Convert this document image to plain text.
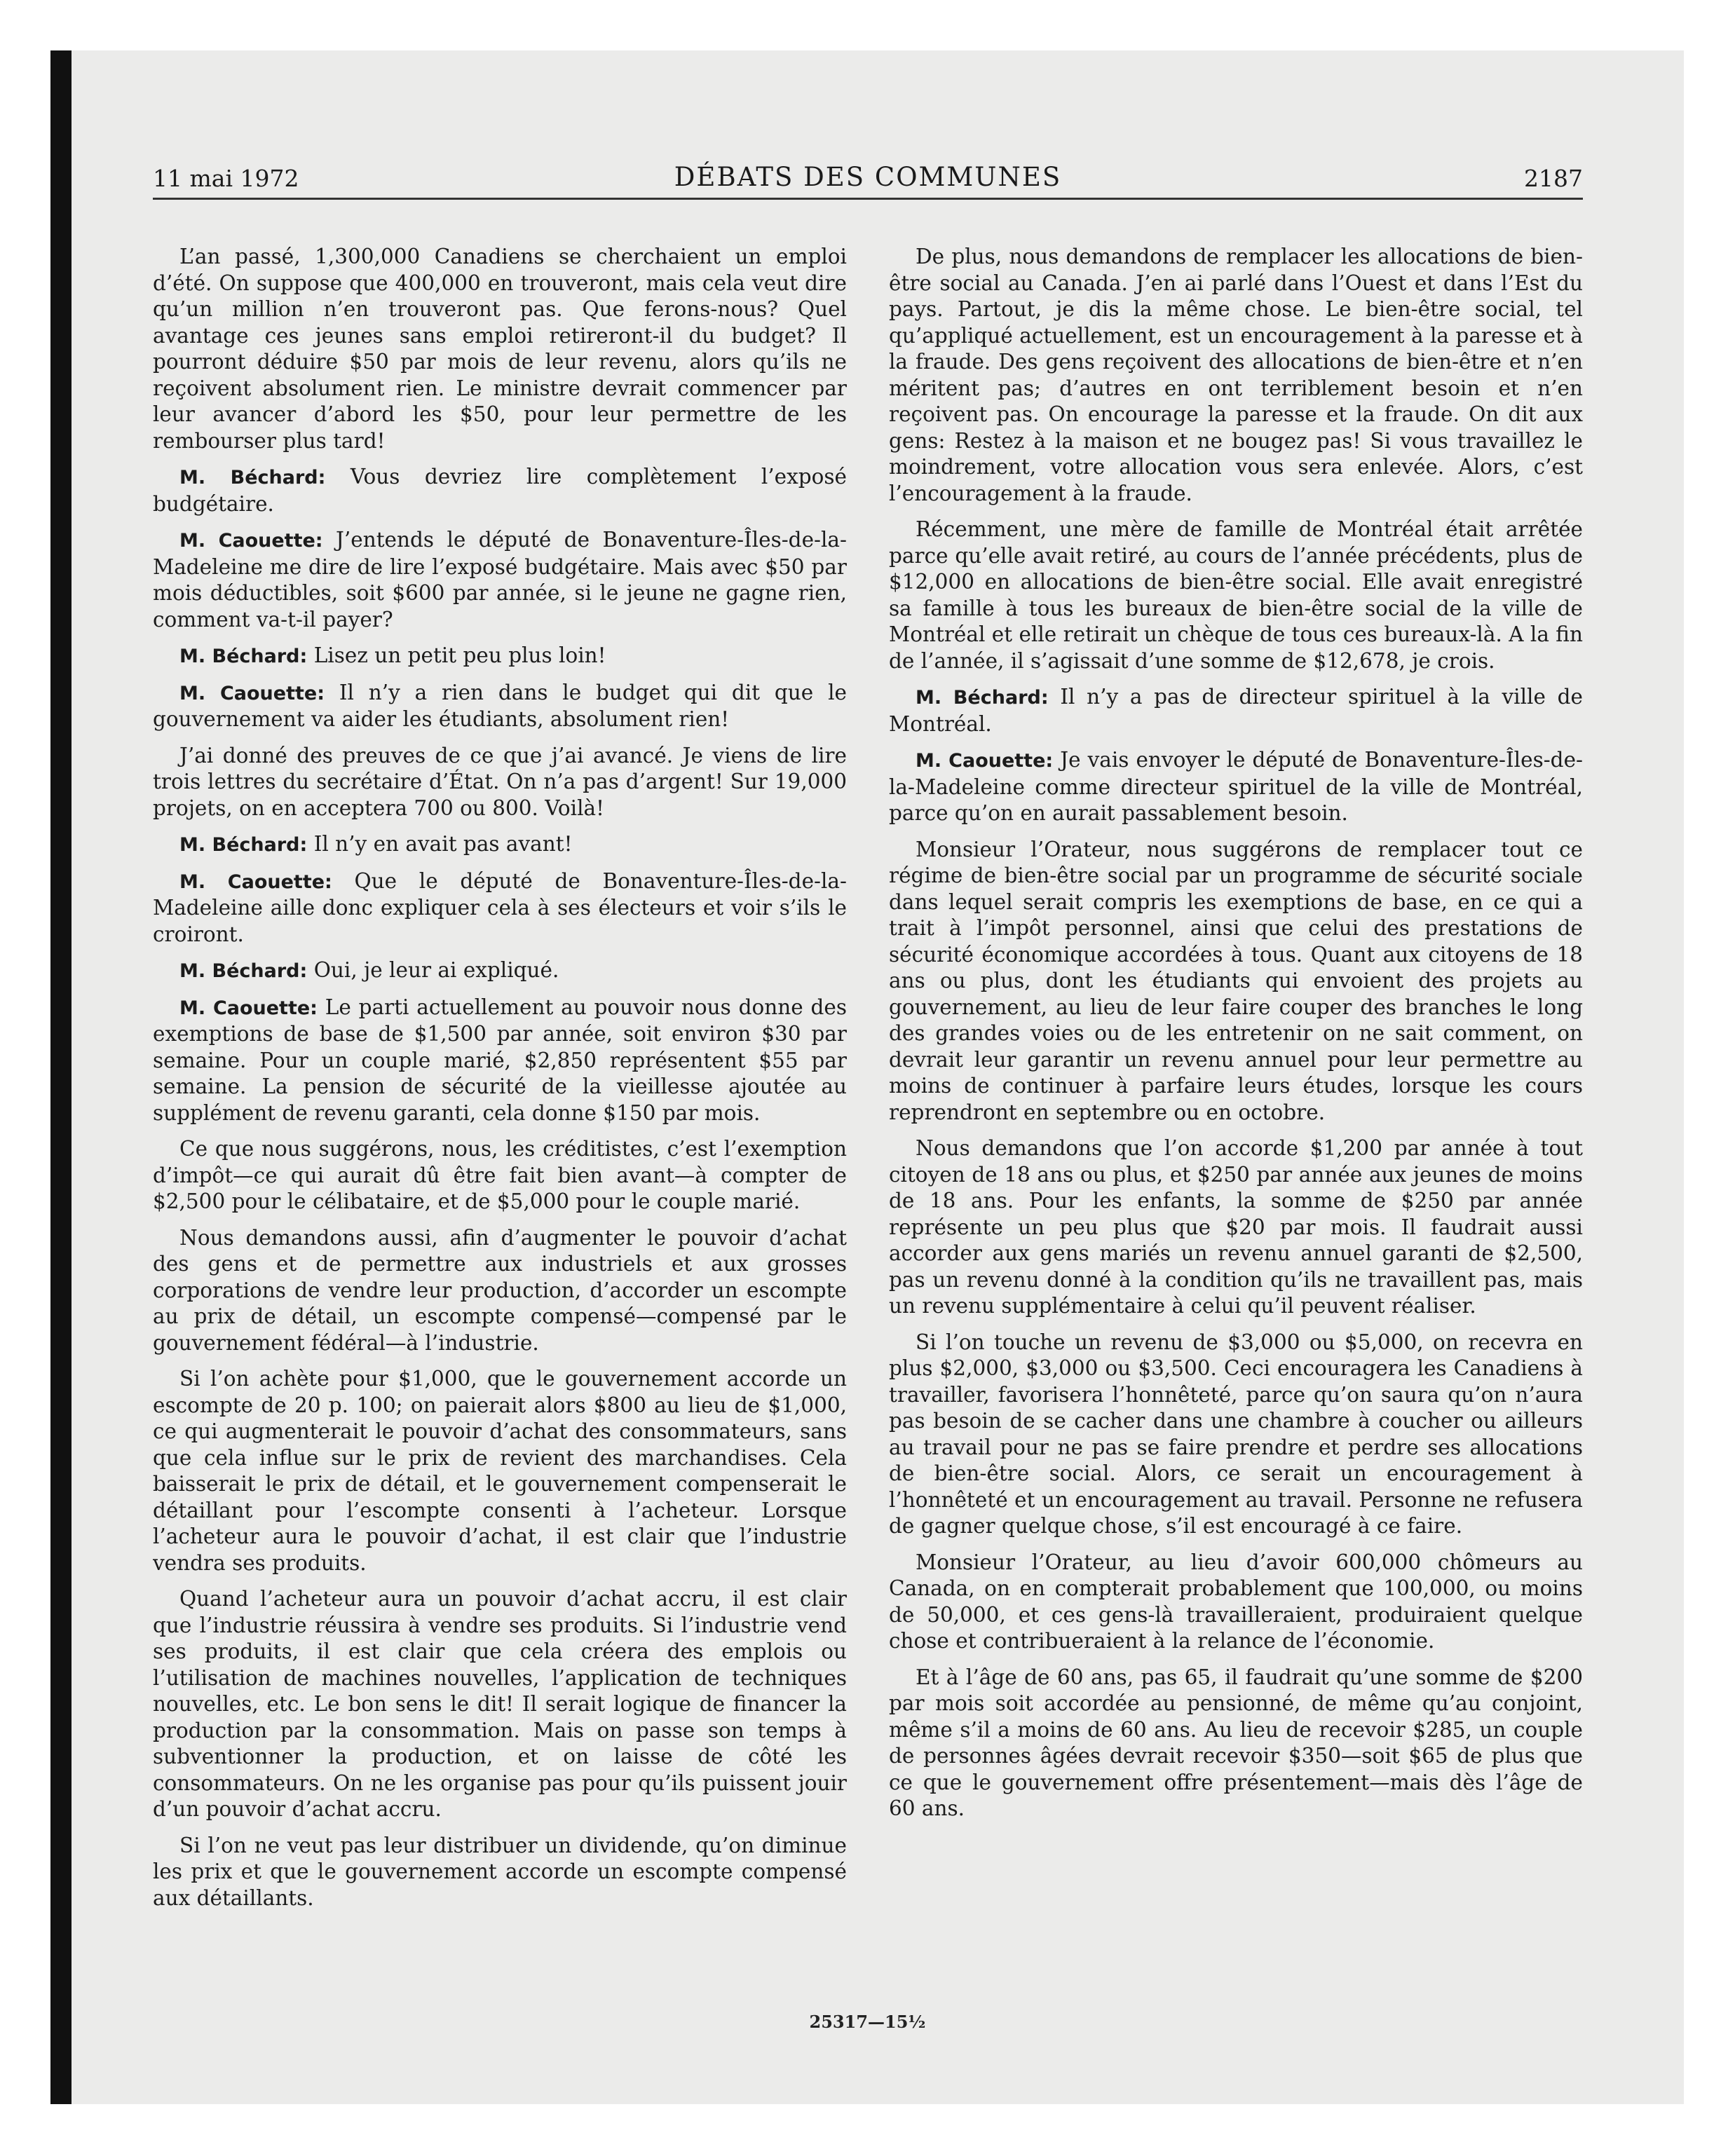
11 mai 1972	DÉBATS DES COMMUNES	2187

L’an passé, 1,300,000 Canadiens se cherchaient un emploi d’été. On suppose que 400,000 en trouveront, mais cela veut dire qu’un million n’en trouveront pas. Que ferons-nous? Quel avantage ces jeunes sans emploi retireront-il du budget? Il pourront déduire $50 par mois de leur revenu, alors qu’ils ne reçoivent absolument rien. Le ministre devrait commencer par leur avancer d’abord les $50, pour leur permettre de les rembourser plus tard!

M. Béchard: Vous devriez lire complètement l’exposé budgétaire.

M. Caouette: J’entends le député de Bonaventure-Îles-de-la-Madeleine me dire de lire l’exposé budgétaire. Mais avec $50 par mois déductibles, soit $600 par année, si le jeune ne gagne rien, comment va-t-il payer?

M. Béchard: Lisez un petit peu plus loin!

M. Caouette: Il n’y a rien dans le budget qui dit que le gouvernement va aider les étudiants, absolument rien!

J’ai donné des preuves de ce que j’ai avancé. Je viens de lire trois lettres du secrétaire d’État. On n’a pas d’argent! Sur 19,000 projets, on en acceptera 700 ou 800. Voilà!

M. Béchard: Il n’y en avait pas avant!

M. Caouette: Que le député de Bonaventure-Îles-de-la-Madeleine aille donc expliquer cela à ses électeurs et voir s’ils le croiront.

M. Béchard: Oui, je leur ai expliqué.

M. Caouette: Le parti actuellement au pouvoir nous donne des exemptions de base de $1,500 par année, soit environ $30 par semaine. Pour un couple marié, $2,850 représentent $55 par semaine. La pension de sécurité de la vieillesse ajoutée au supplément de revenu garanti, cela donne $150 par mois.

Ce que nous suggérons, nous, les créditistes, c’est l’exemption d’impôt—ce qui aurait dû être fait bien avant—à compter de $2,500 pour le célibataire, et de $5,000 pour le couple marié.

Nous demandons aussi, afin d’augmenter le pouvoir d’achat des gens et de permettre aux industriels et aux grosses corporations de vendre leur production, d’accorder un escompte au prix de détail, un escompte compensé—compensé par le gouvernement fédéral—à l’industrie.

Si l’on achète pour $1,000, que le gouvernement accorde un escompte de 20 p. 100; on paierait alors $800 au lieu de $1,000, ce qui augmenterait le pouvoir d’achat des consommateurs, sans que cela influe sur le prix de revient des marchandises. Cela baisserait le prix de détail, et le gouvernement compenserait le détaillant pour l’escompte consenti à l’acheteur. Lorsque l’acheteur aura le pouvoir d’achat, il est clair que l’industrie vendra ses produits.

Quand l’acheteur aura un pouvoir d’achat accru, il est clair que l’industrie réussira à vendre ses produits. Si l’industrie vend ses produits, il est clair que cela créera des emplois ou l’utilisation de machines nouvelles, l’application de techniques nouvelles, etc. Le bon sens le dit! Il serait logique de financer la production par la consommation. Mais on passe son temps à subventionner la production, et on laisse de côté les consommateurs. On ne les organise pas pour qu’ils puissent jouir d’un pouvoir d’achat accru.

Si l’on ne veut pas leur distribuer un dividende, qu’on diminue les prix et que le gouvernement accorde un escompte compensé aux détaillants.

De plus, nous demandons de remplacer les allocations de bien-être social au Canada. J’en ai parlé dans l’Ouest et dans l’Est du pays. Partout, je dis la même chose. Le bien-être social, tel qu’appliqué actuellement, est un encouragement à la paresse et à la fraude. Des gens reçoivent des allocations de bien-être et n’en méritent pas; d’autres en ont terriblement besoin et n’en reçoivent pas. On encourage la paresse et la fraude. On dit aux gens: Restez à la maison et ne bougez pas! Si vous travaillez le moindrement, votre allocation vous sera enlevée. Alors, c’est l’encouragement à la fraude.

Récemment, une mère de famille de Montréal était arrêtée parce qu’elle avait retiré, au cours de l’année précédents, plus de $12,000 en allocations de bien-être social. Elle avait enregistré sa famille à tous les bureaux de bien-être social de la ville de Montréal et elle retirait un chèque de tous ces bureaux-là. A la fin de l’année, il s’agissait d’une somme de $12,678, je crois.

M. Béchard: Il n’y a pas de directeur spirituel à la ville de Montréal.

M. Caouette: Je vais envoyer le député de Bonaventure-Îles-de-la-Madeleine comme directeur spirituel de la ville de Montréal, parce qu’on en aurait passablement besoin.

Monsieur l’Orateur, nous suggérons de remplacer tout ce régime de bien-être social par un programme de sécurité sociale dans lequel serait compris les exemptions de base, en ce qui a trait à l’impôt personnel, ainsi que celui des prestations de sécurité économique accordées à tous. Quant aux citoyens de 18 ans ou plus, dont les étudiants qui envoient des projets au gouvernement, au lieu de leur faire couper des branches le long des grandes voies ou de les entretenir on ne sait comment, on devrait leur garantir un revenu annuel pour leur permettre au moins de continuer à parfaire leurs études, lorsque les cours reprendront en septembre ou en octobre.

Nous demandons que l’on accorde $1,200 par année à tout citoyen de 18 ans ou plus, et $250 par année aux jeunes de moins de 18 ans. Pour les enfants, la somme de $250 par année représente un peu plus que $20 par mois. Il faudrait aussi accorder aux gens mariés un revenu annuel garanti de $2,500, pas un revenu donné à la condition qu’ils ne travaillent pas, mais un revenu supplémentaire à celui qu’il peuvent réaliser.

Si l’on touche un revenu de $3,000 ou $5,000, on recevra en plus $2,000, $3,000 ou $3,500. Ceci encouragera les Canadiens à travailler, favorisera l’honnêteté, parce qu’on saura qu’on n’aura pas besoin de se cacher dans une chambre à coucher ou ailleurs au travail pour ne pas se faire prendre et perdre ses allocations de bien-être social. Alors, ce serait un encouragement à l’honnêteté et un encouragement au travail. Personne ne refusera de gagner quelque chose, s’il est encouragé à ce faire.

Monsieur l’Orateur, au lieu d’avoir 600,000 chômeurs au Canada, on en compterait probablement que 100,000, ou moins de 50,000, et ces gens-là travailleraient, produiraient quelque chose et contribueraient à la relance de l’économie.

Et à l’âge de 60 ans, pas 65, il faudrait qu’une somme de $200 par mois soit accordée au pensionné, de même qu’au conjoint, même s’il a moins de 60 ans. Au lieu de recevoir $285, un couple de personnes âgées devrait recevoir $350—soit $65 de plus que ce que le gouvernement offre présentement—mais dès l’âge de 60 ans.

25317—15½
